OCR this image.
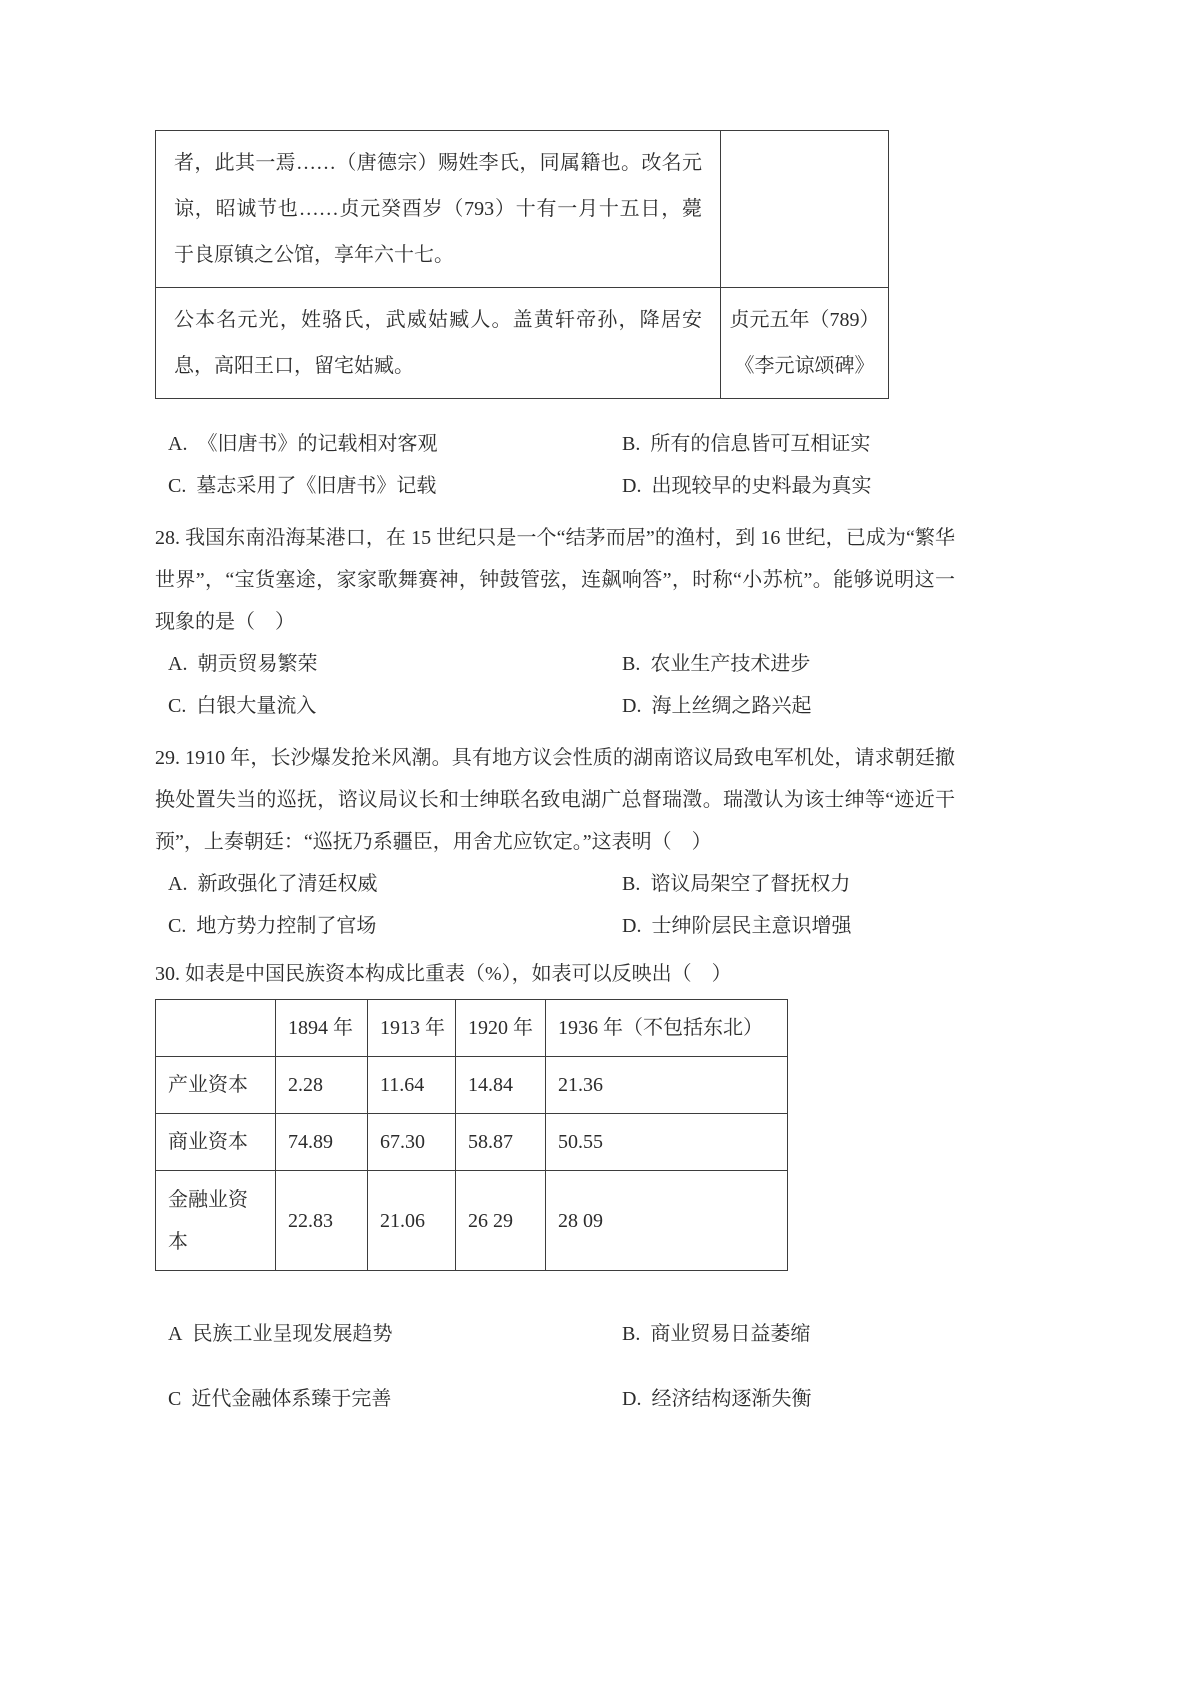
者，此其一焉……（唐德宗）赐姓李氏，同属籍也。改名元谅，昭诚节也……贞元癸酉岁（793）十有一月十五日，薨于良原镇之公馆，享年六十七。	
公本名元光，姓骆氏，武威姑臧人。盖黄轩帝孙，降居安息，高阳王口，留宅姑臧。	贞元五年（789）
《李元谅颂碑》
A. 《旧唐书》的记载相对客观	B. 所有的信息皆可互相证实
C. 墓志采用了《旧唐书》记载	D. 出现较早的史料最为真实
28. 我国东南沿海某港口，在 15 世纪只是一个“结茅而居”的渔村，到 16 世纪，已成为“繁华世界”，“宝货塞途，家家歌舞赛神，钟鼓管弦，连飙响答”，时称“小苏杭”。能够说明这一现象的是（　）
A. 朝贡贸易繁荣	B. 农业生产技术进步
C. 白银大量流入	D. 海上丝绸之路兴起
29. 1910 年，长沙爆发抢米风潮。具有地方议会性质的湖南谘议局致电军机处，请求朝廷撤换处置失当的巡抚，谘议局议长和士绅联名致电湖广总督瑞澂。瑞澂认为该士绅等“迹近干预”，上奏朝廷：“巡抚乃系疆臣，用舍尤应钦定。”这表明（　）
A. 新政强化了清廷权威	B. 谘议局架空了督抚权力
C. 地方势力控制了官场	D. 士绅阶层民主意识增强
30. 如表是中国民族资本构成比重表（%），如表可以反映出（　）
	1894 年	1913 年	1920 年	1936 年（不包括东北）
产业资本	2.28	11.64	14.84	21.36
商业资本	74.89	67.30	58.87	50.55
金融业资本	22.83	21.06	26 29	28 09
A 民族工业呈现发展趋势	B. 商业贸易日益萎缩
C 近代金融体系臻于完善	D. 经济结构逐渐失衡
